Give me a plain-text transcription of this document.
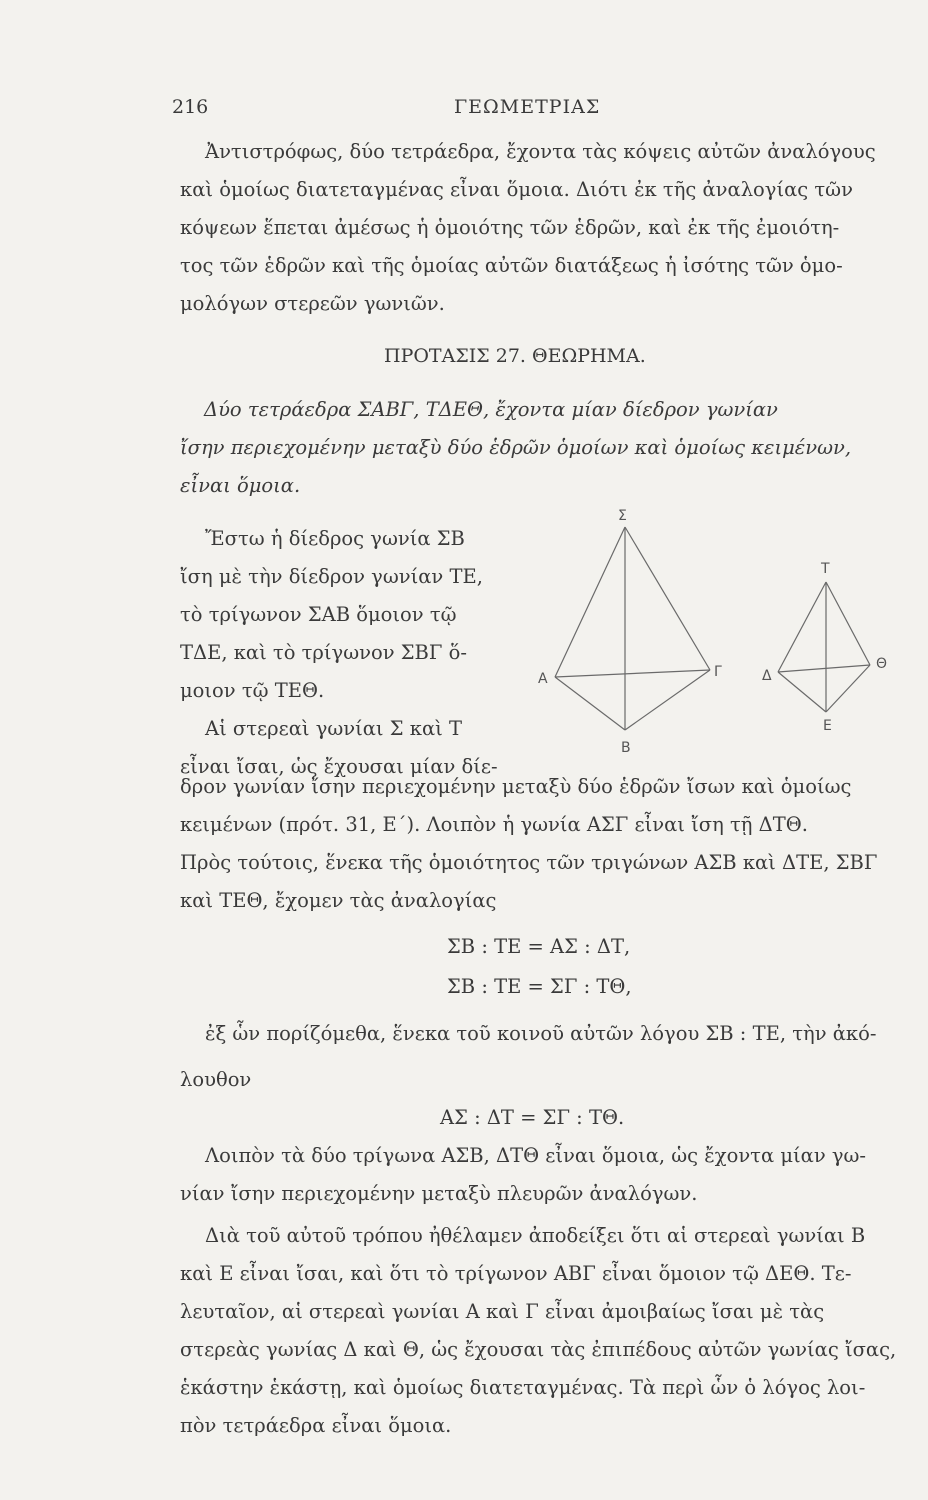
216	ΓΕΩΜΕΤΡΙΑΣ
Ἀντιστρόφως, δύο τετράεδρα, ἔχοντα τὰς κόψεις αὐτῶν ἀναλόγους
καὶ ὁμοίως διατεταγμένας εἶναι ὅμοια. Διότι ἐκ τῆς ἀναλογίας τῶν
κόψεων ἕπεται ἀμέσως ἡ ὁμοιότης τῶν ἑδρῶν, καὶ ἐκ τῆς ἐμοιότη-
τος τῶν ἑδρῶν καὶ τῆς ὁμοίας αὐτῶν διατάξεως ἡ ἰσότης τῶν ὁμο-
μολόγων στερεῶν γωνιῶν.
ΠΡΟΤΑΣΙΣ 27. ΘΕΩΡΗΜΑ.
Δύο τετράεδρα ΣΑΒΓ, ΤΔΕΘ, ἔχοντα μίαν δίεδρον γωνίαν
ἴσην περιεχομένην μεταξὺ δύο ἑδρῶν ὁμοίων καὶ ὁμοίως κειμένων,
εἶναι ὅμοια.
Ἔστω ἡ δίεδρος γωνία ΣΒ
ἴση μὲ τὴν δίεδρον γωνίαν ΤΕ,
τὸ τρίγωνον ΣΑΒ ὅμοιον τῷ
ΤΔΕ, καὶ τὸ τρίγωνον ΣΒΓ ὅ-
μοιον τῷ ΤΕΘ.
Αἱ στερεαὶ γωνίαι Σ καὶ Τ
εἶναι ἴσαι, ὡς ἔχουσαι μίαν δίε-
Σ
Α	Γ
Β
Τ
Δ
Θ
Ε
δρον γωνίαν ἴσην περιεχομένην μεταξὺ δύο ἑδρῶν ἴσων καὶ ὁμοίως
κειμένων (πρότ. 31, Ε΄). Λοιπὸν ἡ γωνία ΑΣΓ εἶναι ἴση τῇ ΔΤΘ.
Πρὸς τούτοις, ἕνεκα τῆς ὁμοιότητος τῶν τριγώνων ΑΣΒ καὶ ΔΤΕ, ΣΒΓ
καὶ ΤΕΘ, ἔχομεν τὰς ἀναλογίας
ΣΒ : ΤΕ = ΑΣ : ΔΤ,
ΣΒ : ΤΕ = ΣΓ : ΤΘ,
ἐξ ὧν πορίζόμεθα, ἕνεκα τοῦ κοινοῦ αὐτῶν λόγου ΣΒ : ΤΕ, τὴν ἀκό-
λουθον
ΑΣ : ΔΤ = ΣΓ : ΤΘ.
Λοιπὸν τὰ δύο τρίγωνα ΑΣΒ, ΔΤΘ εἶναι ὅμοια, ὡς ἔχοντα μίαν γω-
νίαν ἴσην περιεχομένην μεταξὺ πλευρῶν ἀναλόγων.
Διὰ τοῦ αὐτοῦ τρόπου ἠθέλαμεν ἀποδείξει ὅτι αἱ στερεαὶ γωνίαι Β
καὶ Ε εἶναι ἴσαι, καὶ ὅτι τὸ τρίγωνον ΑΒΓ εἶναι ὅμοιον τῷ ΔΕΘ. Τε-
λευταῖον, αἱ στερεαὶ γωνίαι Α καὶ Γ εἶναι ἀμοιβαίως ἴσαι μὲ τὰς
στερεὰς γωνίας Δ καὶ Θ, ὡς ἔχουσαι τὰς ἐπιπέδους αὐτῶν γωνίας ἴσας,
ἑκάστην ἑκάστῃ, καὶ ὁμοίως διατεταγμένας. Τὰ περὶ ὧν ὁ λόγος λοι-
πὸν τετράεδρα εἶναι ὅμοια.
